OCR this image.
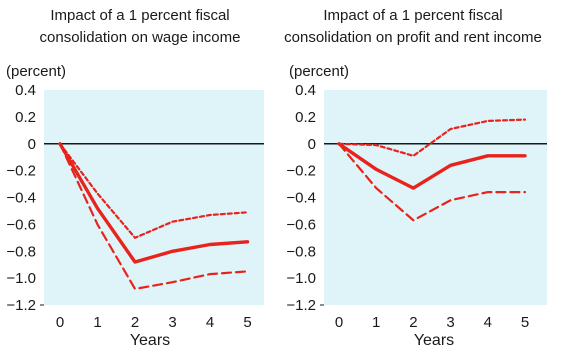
Impact of a 1 percent fiscal
consolidation on wage income
(percent)
0.4
0.2
0
−0.2
−0.4
−0.6
−0.8
−1.0
−1.2
0 1 2 3 4 5
Years
Impact of a 1 percent fiscal
consolidation on profit and rent income
(percent)
0.4
0.2
0
−0.2
−0.4
−0.6
−0.8
−1.0
−1.2
0 1 2 3 4 5
Years
